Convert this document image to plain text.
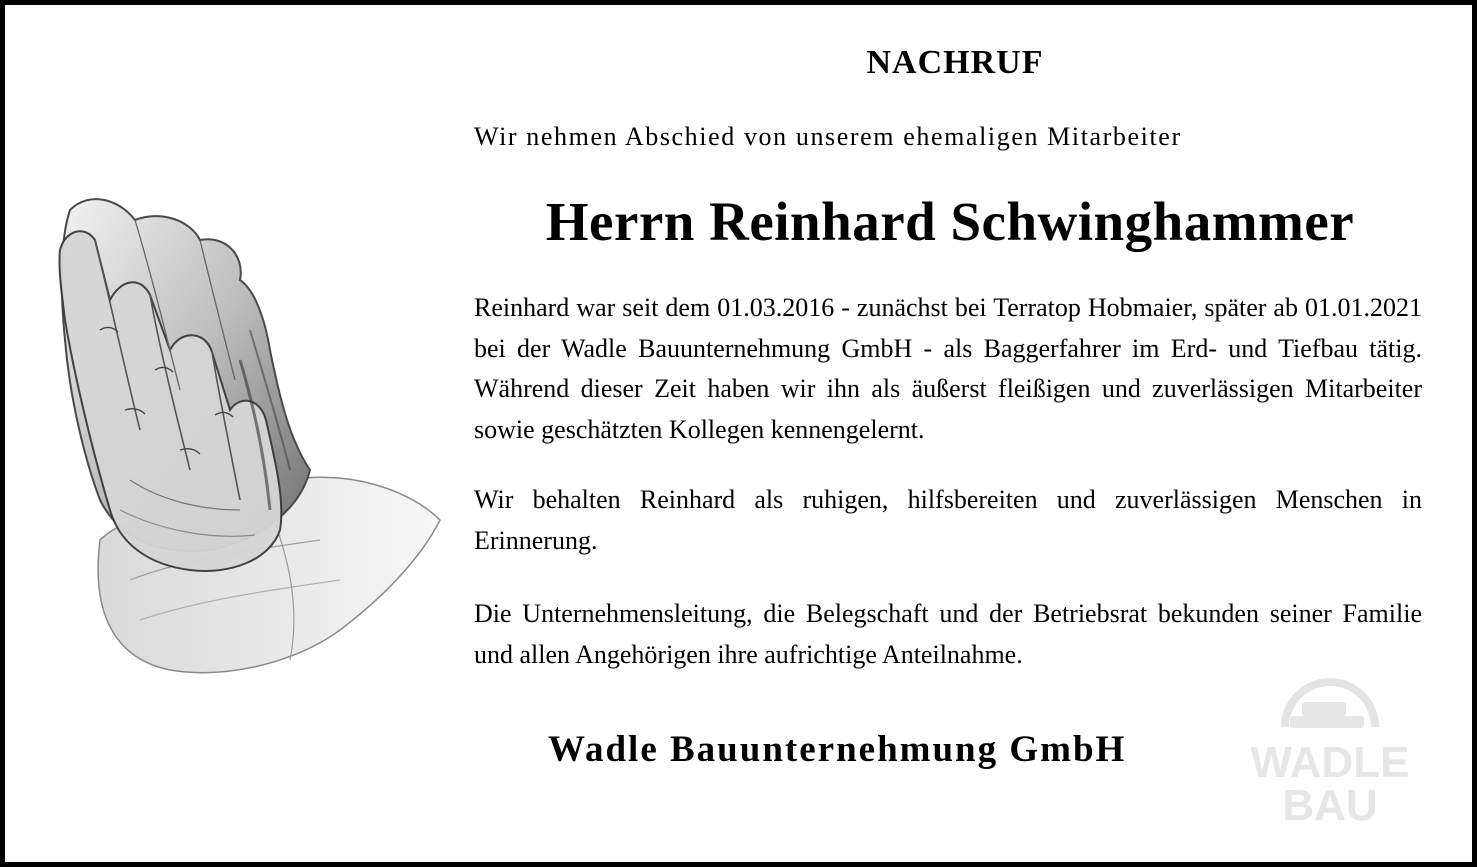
NACHRUF
Wir nehmen Abschied von unserem ehemaligen Mitarbeiter
Herrn Reinhard Schwinghammer
Reinhard war seit dem 01.03.2016 - zunächst bei Terratop Hobmaier, später ab 01.01.2021 bei der Wadle Bauunternehmung GmbH - als Baggerfahrer im Erd- und Tiefbau tätig. Während dieser Zeit haben wir ihn als äußerst fleißigen und zuverlässigen Mitarbeiter sowie geschätzten Kollegen kennengelernt.
Wir behalten Reinhard als ruhigen, hilfsbereiten und zuverlässigen Menschen in Erinnerung.
Die Unternehmensleitung, die Belegschaft und der Betriebsrat bekunden seiner Familie und allen Angehörigen ihre aufrichtige Anteilnahme.
Wadle Bauunternehmung GmbH	WADLE
BAU
